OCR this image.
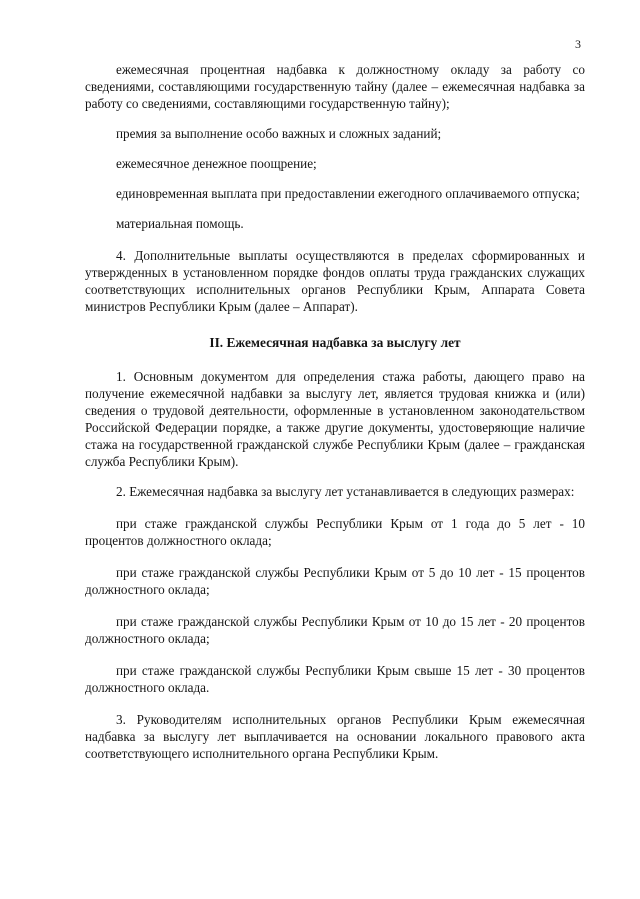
3

ежемесячная процентная надбавка к должностному окладу за работу со сведениями, составляющими государственную тайну (далее – ежемесячная надбавка за работу со сведениями, составляющими государственную тайну);

премия за выполнение особо важных и сложных заданий;

ежемесячное денежное поощрение;

единовременная выплата при предоставлении ежегодного оплачиваемого отпуска;

материальная помощь.

4. Дополнительные выплаты осуществляются в пределах сформированных и утвержденных в установленном порядке фондов оплаты труда гражданских служащих соответствующих исполнительных органов Республики Крым, Аппарата Совета министров Республики Крым (далее – Аппарат).

II. Ежемесячная надбавка за выслугу лет

1. Основным документом для определения стажа работы, дающего право на получение ежемесячной надбавки за выслугу лет, является трудовая книжка и (или) сведения о трудовой деятельности, оформленные в установленном законодательством Российской Федерации порядке, а также другие документы, удостоверяющие наличие стажа на государственной гражданской службе Республики Крым (далее – гражданская служба Республики Крым).

2. Ежемесячная надбавка за выслугу лет устанавливается в следующих размерах:

при стаже гражданской службы Республики Крым от 1 года до 5 лет - 10 процентов должностного оклада;

при стаже гражданской службы Республики Крым от 5 до 10 лет - 15 процентов должностного оклада;

при стаже гражданской службы Республики Крым от 10 до 15 лет - 20 процентов должностного оклада;

при стаже гражданской службы Республики Крым свыше 15 лет - 30 процентов должностного оклада.

3. Руководителям исполнительных органов Республики Крым ежемесячная надбавка за выслугу лет выплачивается на основании локального правового акта соответствующего исполнительного органа Республики Крым.
